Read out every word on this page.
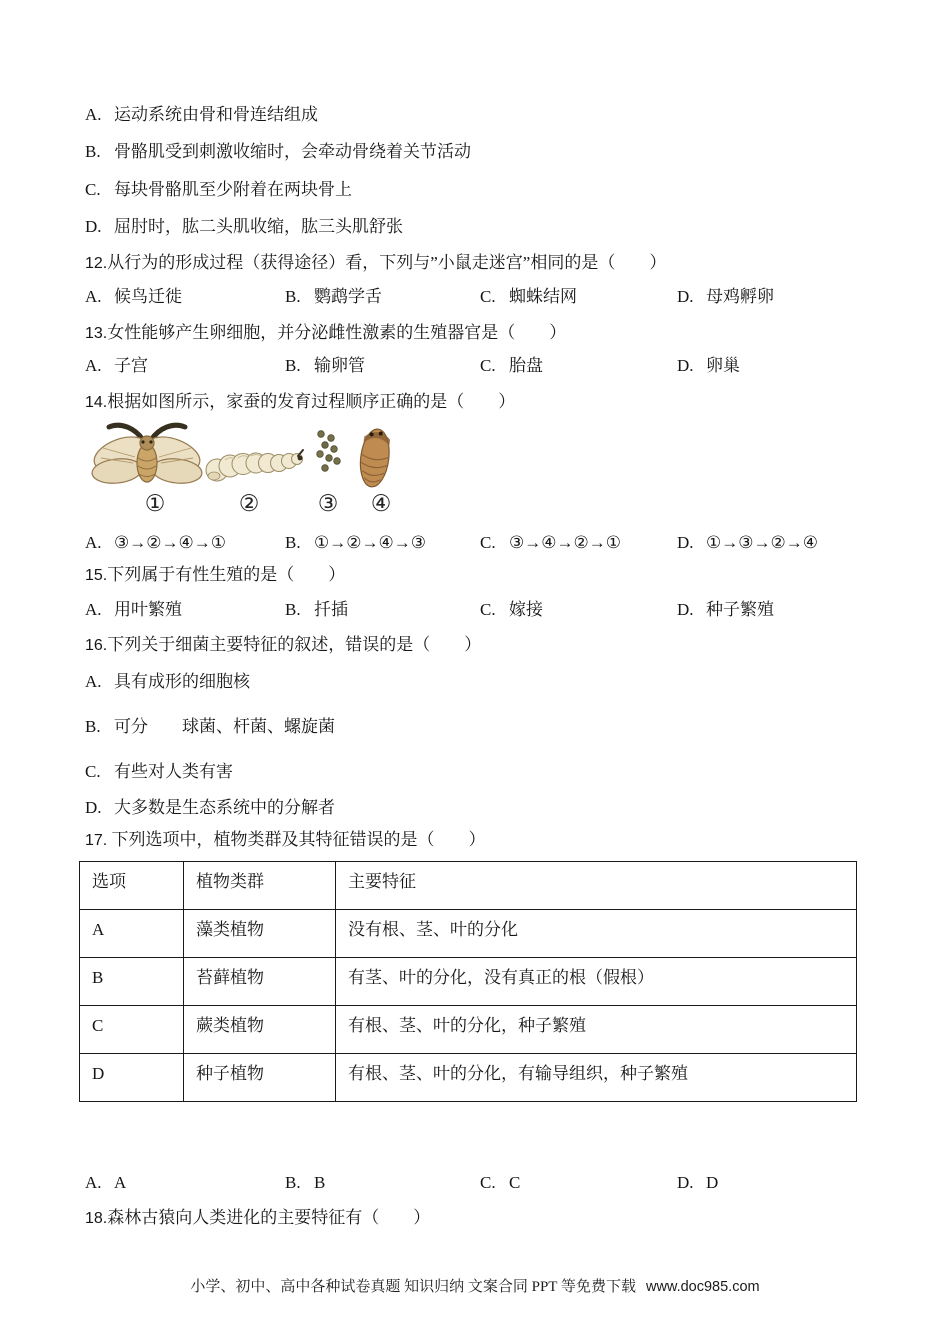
A. 运动系统由骨和骨连结组成
B. 骨骼肌受到刺激收缩时，会牵动骨绕着关节活动
C. 每块骨骼肌至少附着在两块骨上
D. 屈肘时，肱二头肌收缩，肱三头肌舒张
12.从行为的形成过程（获得途径）看，下列与”小鼠走迷宫”相同的是（　　）
A. 候鸟迁徙	B. 鹦鹉学舌	C. 蜘蛛结网	D. 母鸡孵卵
13.女性能够产生卵细胞，并分泌雌性激素的生殖器官是（　　）
A. 子宫	B. 输卵管	C. 胎盘	D. 卵巢
14.根据如图所示，家蚕的发育过程顺序正确的是（　　）
①	②	③ ④
A. ③→②→④→①	B. ①→②→④→③	C. ③→④→②→①	D. ①→③→②→④
15.下列属于有性生殖的是（　　）
A. 用叶繁殖	B. 扦插	C. 嫁接	D. 种子繁殖
16.下列关于细菌主要特征的叙述，错误的是（　　）
A. 具有成形的细胞核
B. 可分　　球菌、杆菌、螺旋菌
C. 有些对人类有害
D. 大多数是生态系统中的分解者
17. 下列选项中，植物类群及其特征错误的是（　　）
选项	植物类群	主要特征
A	藻类植物	没有根、茎、叶的分化
B	苔藓植物	有茎、叶的分化，没有真正的根（假根）
C	蕨类植物	有根、茎、叶的分化，种子繁殖
D	种子植物	有根、茎、叶的分化，有输导组织，种子繁殖
A. A	B. B	C. C	D. D
18.森林古猿向人类进化的主要特征有（　　）
小学、初中、高中各种试卷真题 知识归纳 文案合同 PPT 等免费下载 www.doc985.com
